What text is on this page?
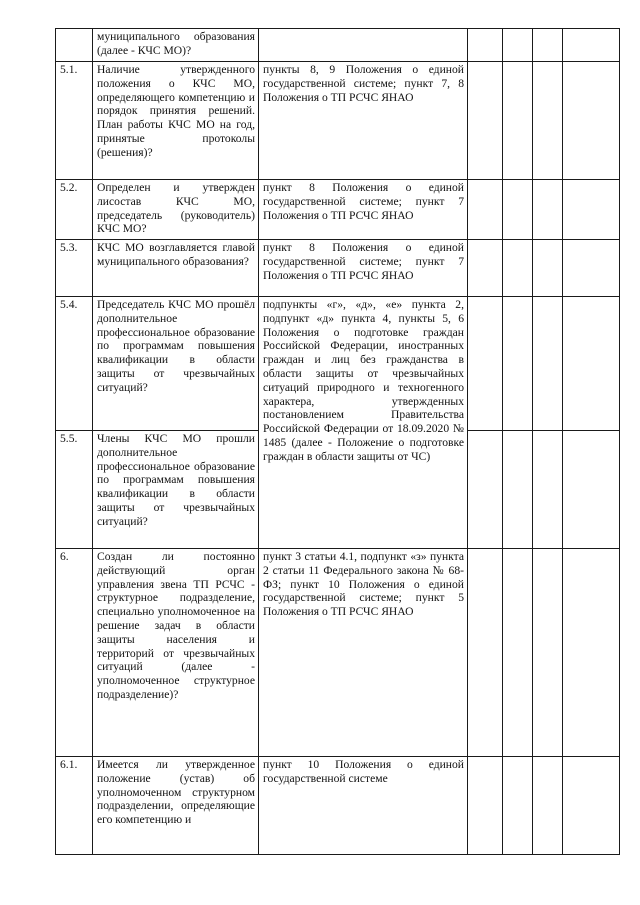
	муниципального образования (далее - КЧС МО)?					
5.1.	Наличие утвержденного положения о КЧС МО, определяющего компетенцию и порядок принятия решений. План работы КЧС МО на год, принятые протоколы (решения)?	пункты 8, 9 Положения о единой государственной системе; пункт 7, 8 Положения о ТП РСЧС ЯНАО				
5.2.	Определен и утвержден лисостав КЧС МО, председатель (руководитель) КЧС МО?	пункт 8 Положения о единой государственной системе; пункт 7 Положения о ТП РСЧС ЯНАО				
5.3.	КЧС МО возглавляется главой муниципального образования?	пункт 8 Положения о единой государственной системе; пункт 7 Положения о ТП РСЧС ЯНАО				
5.4.	Председатель КЧС МО прошёл дополнительное профессиональное образование по программам повышения квалификации в области защиты от чрезвычайных ситуаций?	подпункты «г», «д», «е» пункта 2, подпункт «д» пункта 4, пункты 5, 6 Положения о подготовке граждан Российской Федерации, иностранных граждан и лиц без гражданства в области защиты от чрезвычайных ситуаций природного и техногенного характера, утвержденных постановлением Правительства Российской Федерации от 18.09.2020 № 1485 (далее - Положение о подготовке граждан в области защиты от ЧС)				
5.5.	Члены КЧС МО прошли дополнительное профессиональное образование по программам повышения квалификации в области защиты от чрезвычайных ситуаций?					
6.	Создан ли постоянно действующий орган управления звена ТП РСЧС - структурное подразделение, специально уполномоченное на решение задач в области защиты населения и территорий от чрезвычайных ситуаций (далее - уполномоченное структурное подразделение)?	пункт 3 статьи 4.1, подпункт «з» пункта 2 статьи 11 Федерального закона № 68-ФЗ; пункт 10 Положения о единой государственной системе; пункт 5 Положения о ТП РСЧС ЯНАО				
6.1.	Имеется ли утвержденное положение (устав) об уполномоченном структурном подразделении, определяющие его компетенцию и	пункт 10 Положения о единой государственной системе				
